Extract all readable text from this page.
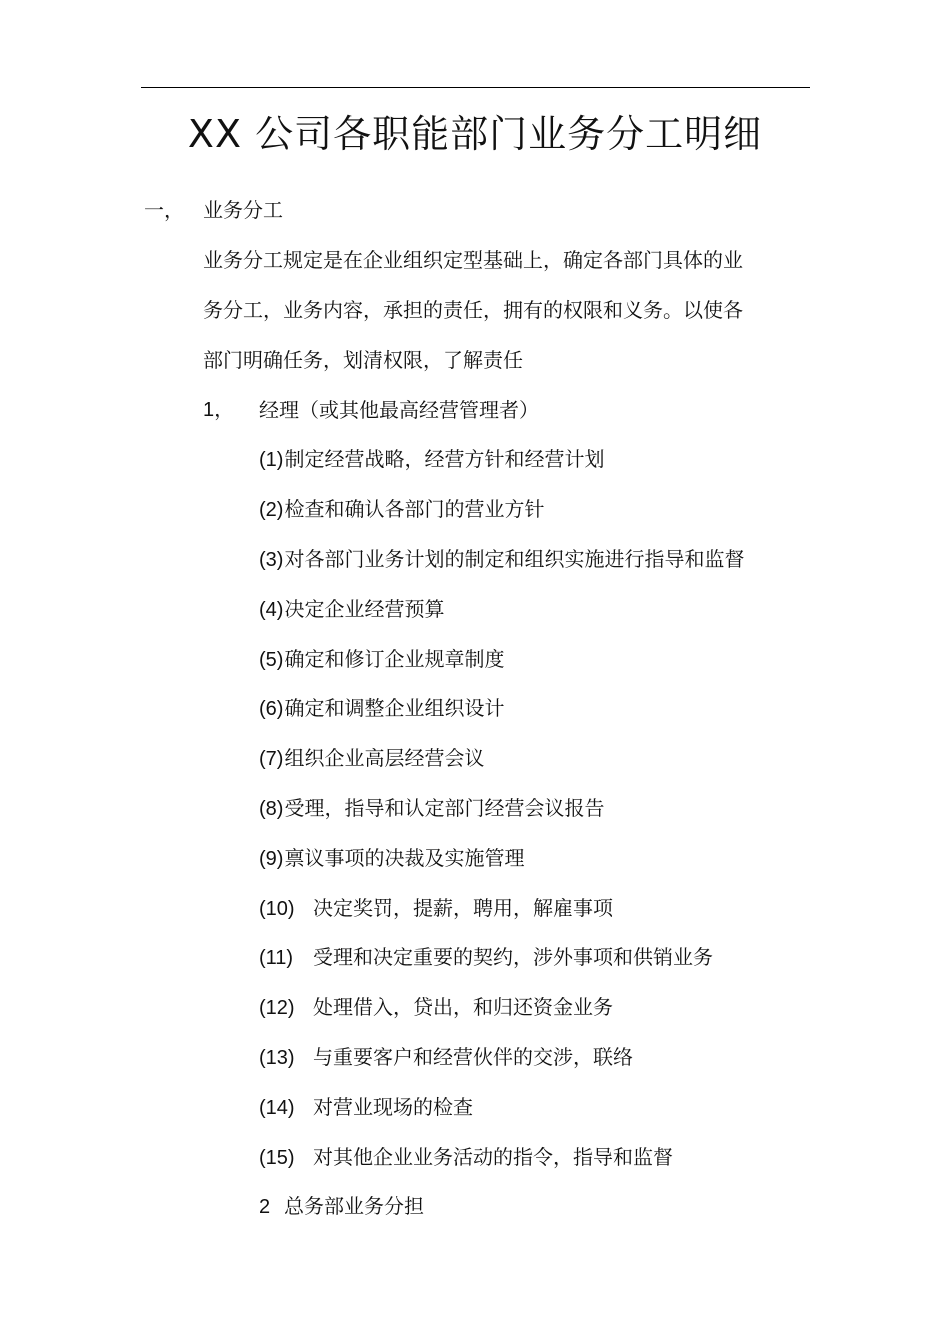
XX 公司各职能部门业务分工明细
一， 业务分工
业务分工规定是在企业组织定型基础上，确定各部门具体的业
务分工，业务内容，承担的责任，拥有的权限和义务。以使各
部门明确任务，划清权限，了解责任
1， 经理（或其他最高经营管理者）
(1)制定经营战略，经营方针和经营计划
(2)检查和确认各部门的营业方针
(3)对各部门业务计划的制定和组织实施进行指导和监督
(4)决定企业经营预算
(5)确定和修订企业规章制度
(6)确定和调整企业组织设计
(7)组织企业高层经营会议
(8)受理，指导和认定部门经营会议报告
(9)禀议事项的决裁及实施管理
(10) 决定奖罚，提薪，聘用，解雇事项
(11) 受理和决定重要的契约，涉外事项和供销业务
(12) 处理借入，贷出，和归还资金业务
(13) 与重要客户和经营伙伴的交涉，联络
(14) 对营业现场的检查
(15) 对其他企业业务活动的指令，指导和监督
2 总务部业务分担
